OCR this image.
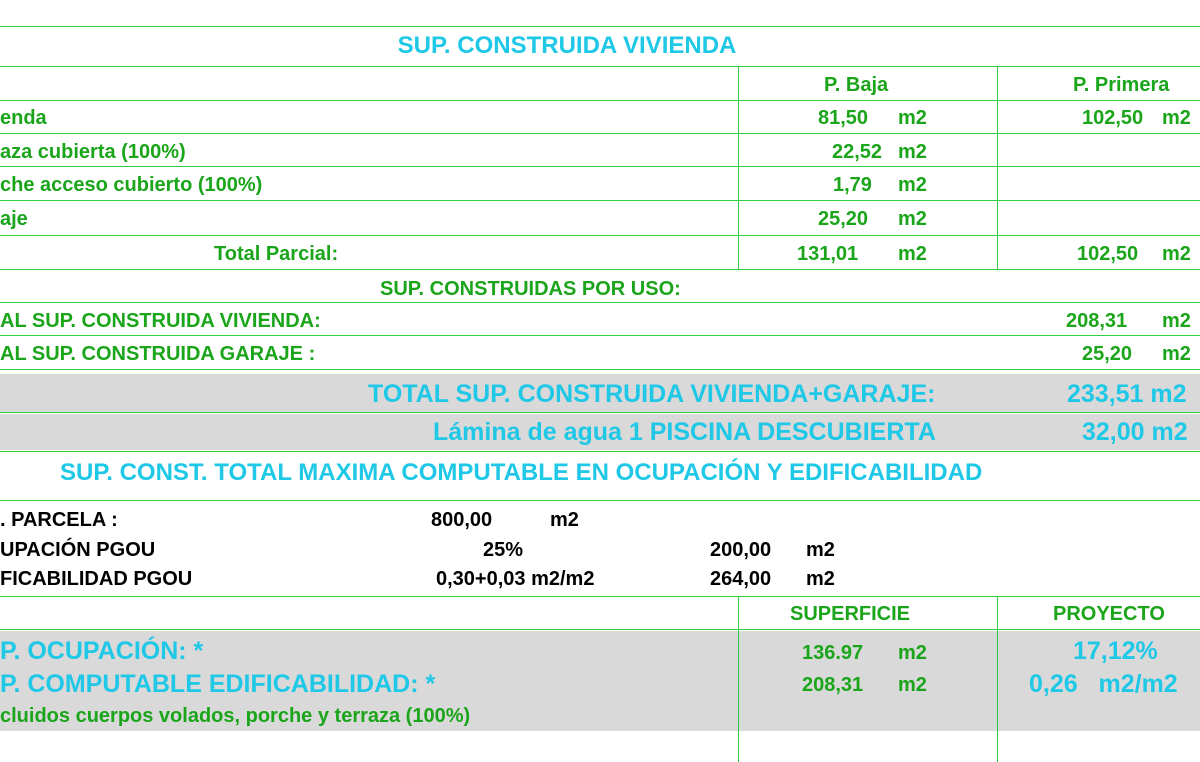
SUP. CONSTRUIDA VIVIENDA
P. Baja	P. Primera
enda	81,50 m2	102,50 m2
aza cubierta (100%)	22,52 m2
che acceso cubierto (100%)	1,79 m2
aje	25,20 m2
Total Parcial:	131,01 m2	102,50 m2
SUP. CONSTRUIDAS POR USO:
AL SUP. CONSTRUIDA VIVIENDA:	208,31 m2
AL SUP. CONSTRUIDA GARAJE :	25,20 m2
TOTAL SUP. CONSTRUIDA VIVIENDA+GARAJE:	233,51 m2
Lámina de agua 1 PISCINA DESCUBIERTA	32,00 m2
SUP. CONST. TOTAL MAXIMA COMPUTABLE EN OCUPACIÓN Y EDIFICABILIDAD
. PARCELA :	800,00	m2
UPACIÓN PGOU	25%	200,00 m2
FICABILIDAD PGOU	0,30+0,03 m2/m2	264,00 m2
SUPERFICIE	PROYECTO
P. OCUPACIÓN: *	136.97 m2	17,12%
P. COMPUTABLE EDIFICABILIDAD: *	208,31 m2	0,26   m2/m2
cluidos cuerpos volados, porche y terraza (100%)
